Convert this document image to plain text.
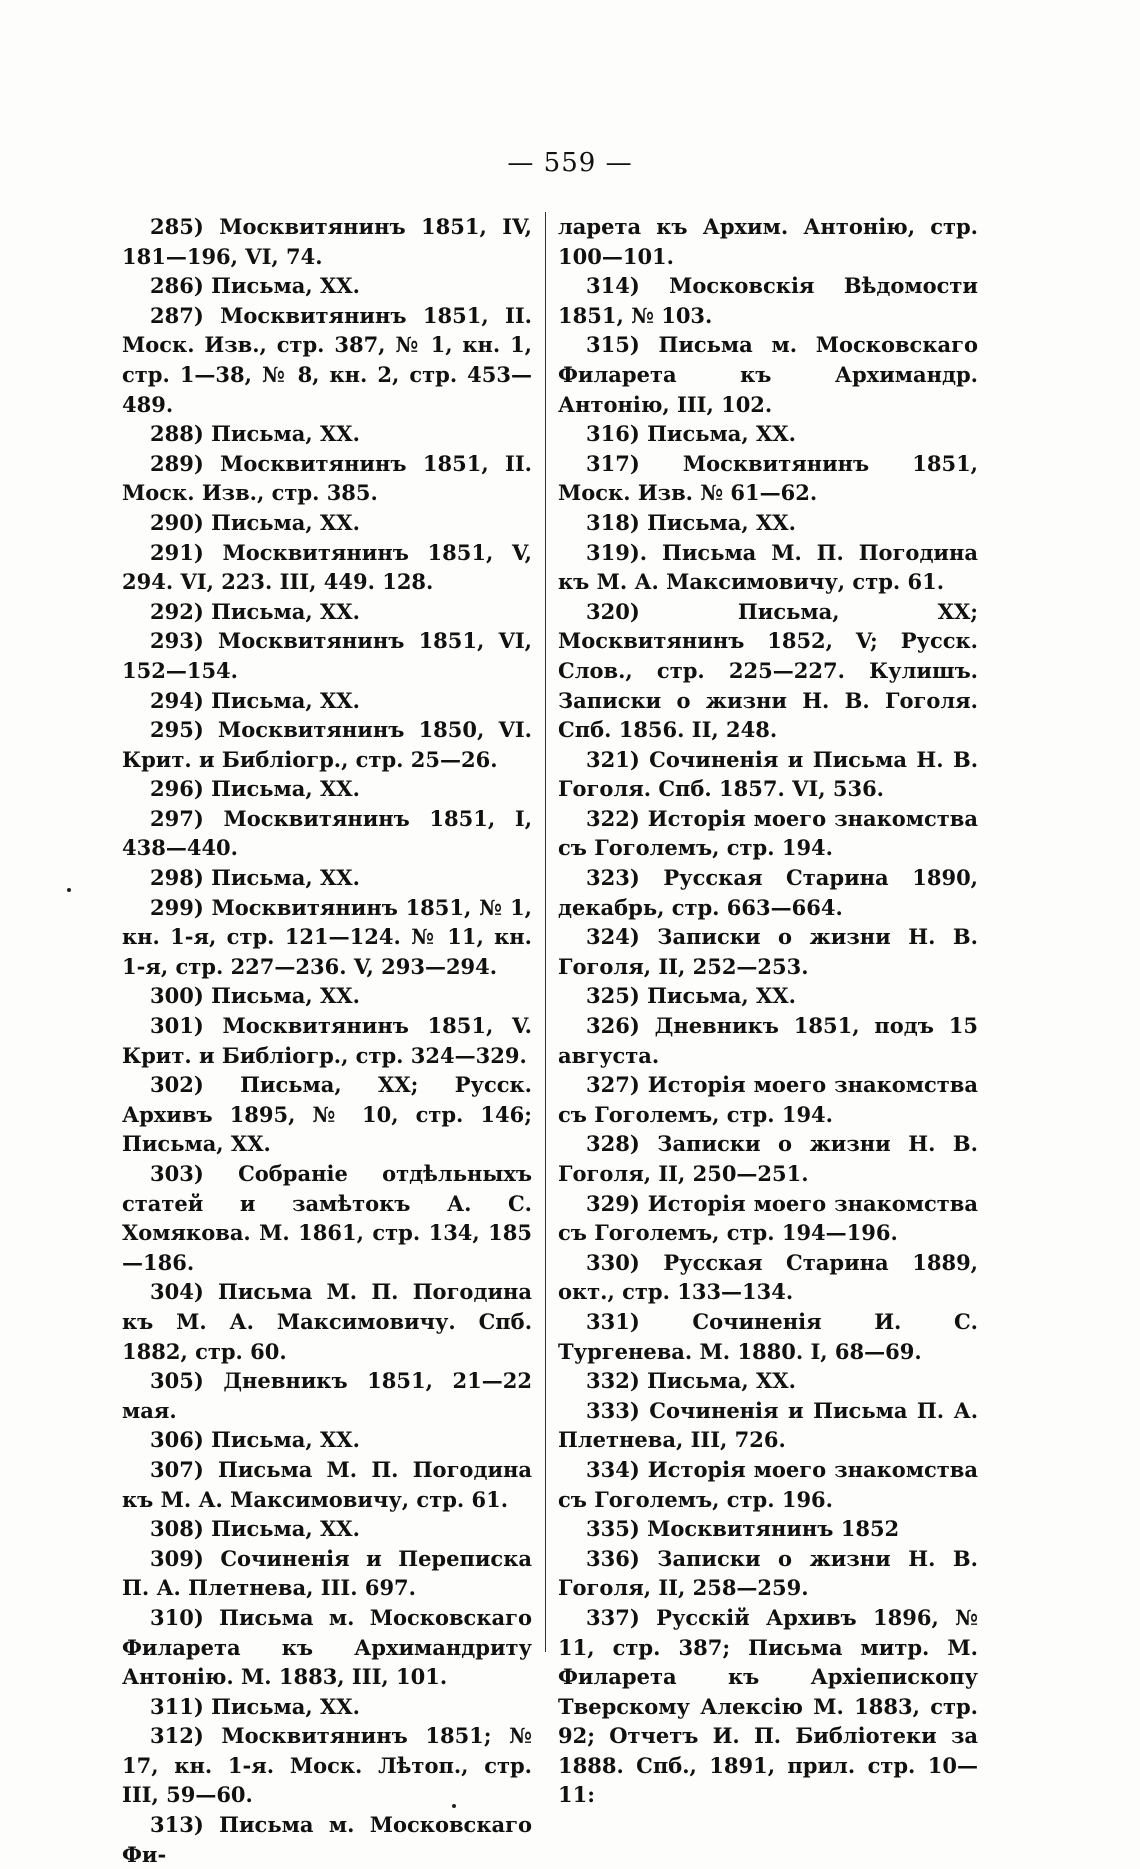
— 559 —

285) Москвитянинъ 1851, IV, 181—196, VI, 74.

286) Письма, XX.

287) Москвитянинъ 1851, II. Моск. Изв., стр. 387, № 1, кн. 1, стр. 1—38, № 8, кн. 2, стр. 453—489.

288) Письма, XX.

289) Москвитянинъ 1851, II. Моск. Изв., стр. 385.

290) Письма, XX.

291) Москвитянинъ 1851, V, 294. VI, 223. III, 449. 128.

292) Письма, XX.

293) Москвитянинъ 1851, VI, 152—154.

294) Письма, XX.

295) Москвитянинъ 1850, VI. Крит. и Библіогр., стр. 25—26.

296) Письма, XX.

297) Москвитянинъ 1851, I, 438—440.

298) Письма, XX.

299) Москвитянинъ 1851, № 1, кн. 1-я, стр. 121—124. № 11, кн. 1-я, стр. 227—236. V, 293—294.

300) Письма, XX.

301) Москвитянинъ 1851, V. Крит. и Библіогр., стр. 324—329.

302) Письма, XX; Русск. Архивъ 1895, № 10, стр. 146; Письма, XX.

303) Собраніе отдѣльныхъ статей и замѣтокъ А. С. Хомякова. М. 1861, стр. 134, 185—186.

304) Письма М. П. Погодина къ М. А. Максимовичу. Спб. 1882, стр. 60.

305) Дневникъ 1851, 21—22 мая.

306) Письма, XX.

307) Письма М. П. Погодина къ М. А. Максимовичу, стр. 61.

308) Письма, XX.

309) Сочиненія и Переписка П. А. Плетнева, III. 697.

310) Письма м. Московскаго Филарета къ Архимандриту Антонію. М. 1883, III, 101.

311) Письма, XX.

312) Москвитянинъ 1851; № 17, кн. 1-я. Моск. Лѣтоп., стр. III, 59—60.

313) Письма м. Московскаго Фи-

ларета къ Архим. Антонію, стр. 100—101.

314) Московскія Вѣдомости 1851, № 103.

315) Письма м. Московскаго Филарета къ Архимандр. Антонію, III, 102.

316) Письма, XX.

317) Москвитянинъ 1851, Моск. Изв. № 61—62.

318) Письма, XX.

319). Письма М. П. Погодина къ М. А. Максимовичу, стр. 61.

320) Письма, XX; Москвитянинъ 1852, V; Русск. Слов., стр. 225—227. Кулишъ. Записки о жизни Н. В. Гоголя. Спб. 1856. II, 248.

321) Сочиненія и Письма Н. В. Гоголя. Спб. 1857. VI, 536.

322) Исторія моего знакомства съ Гоголемъ, стр. 194.

323) Русская Старина 1890, декабрь, стр. 663—664.

324) Записки о жизни Н. В. Гоголя, II, 252—253.

325) Письма, XX.

326) Дневникъ 1851, подъ 15 августа.

327) Исторія моего знакомства съ Гоголемъ, стр. 194.

328) Записки о жизни Н. В. Гоголя, II, 250—251.

329) Исторія моего знакомства съ Гоголемъ, стр. 194—196.

330) Русская Старина 1889, окт., стр. 133—134.

331) Сочиненія И. С. Тургенева. М. 1880. I, 68—69.

332) Письма, XX.

333) Сочиненія и Письма П. А. Плетнева, III, 726.

334) Исторія моего знакомства съ Гоголемъ, стр. 196.

335) Москвитянинъ 1852

336) Записки о жизни Н. В. Гоголя, II, 258—259.

337) Русскій Архивъ 1896, № 11, стр. 387; Письма митр. М. Филарета къ Архіепископу Тверскому Алексію М. 1883, стр. 92; Отчетъ И. П. Библіотеки за 1888. Спб., 1891, прил. стр. 10—11:
